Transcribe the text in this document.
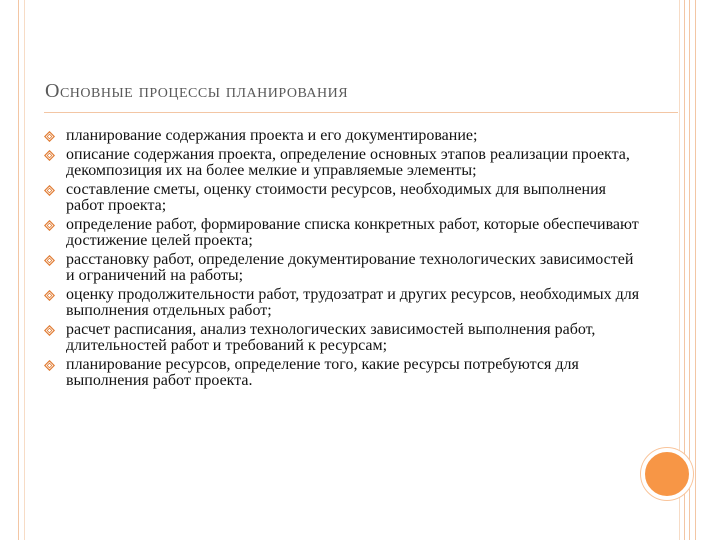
Основные процессы планирования
планирование содержания проекта и его документирование;
описание содержания проекта, определение основных этапов реализации проекта, декомпозиция их на более мелкие и управляемые элементы;
составление сметы, оценку стоимости ресурсов, необходимых для выполнения работ проекта;
определение работ, формирование списка конкретных работ, которые обеспечивают достижение целей проекта;
расстановку работ, определение документирование технологических зависимостей и ограничений на работы;
оценку продолжительности работ, трудозатрат и других ресурсов, необходимых для выполнения отдельных работ;
расчет расписания, анализ технологических зависимостей выполнения работ, длительностей работ и требований к ресурсам;
планирование ресурсов, определение того, какие ресурсы потребуются для выполнения работ проекта.
